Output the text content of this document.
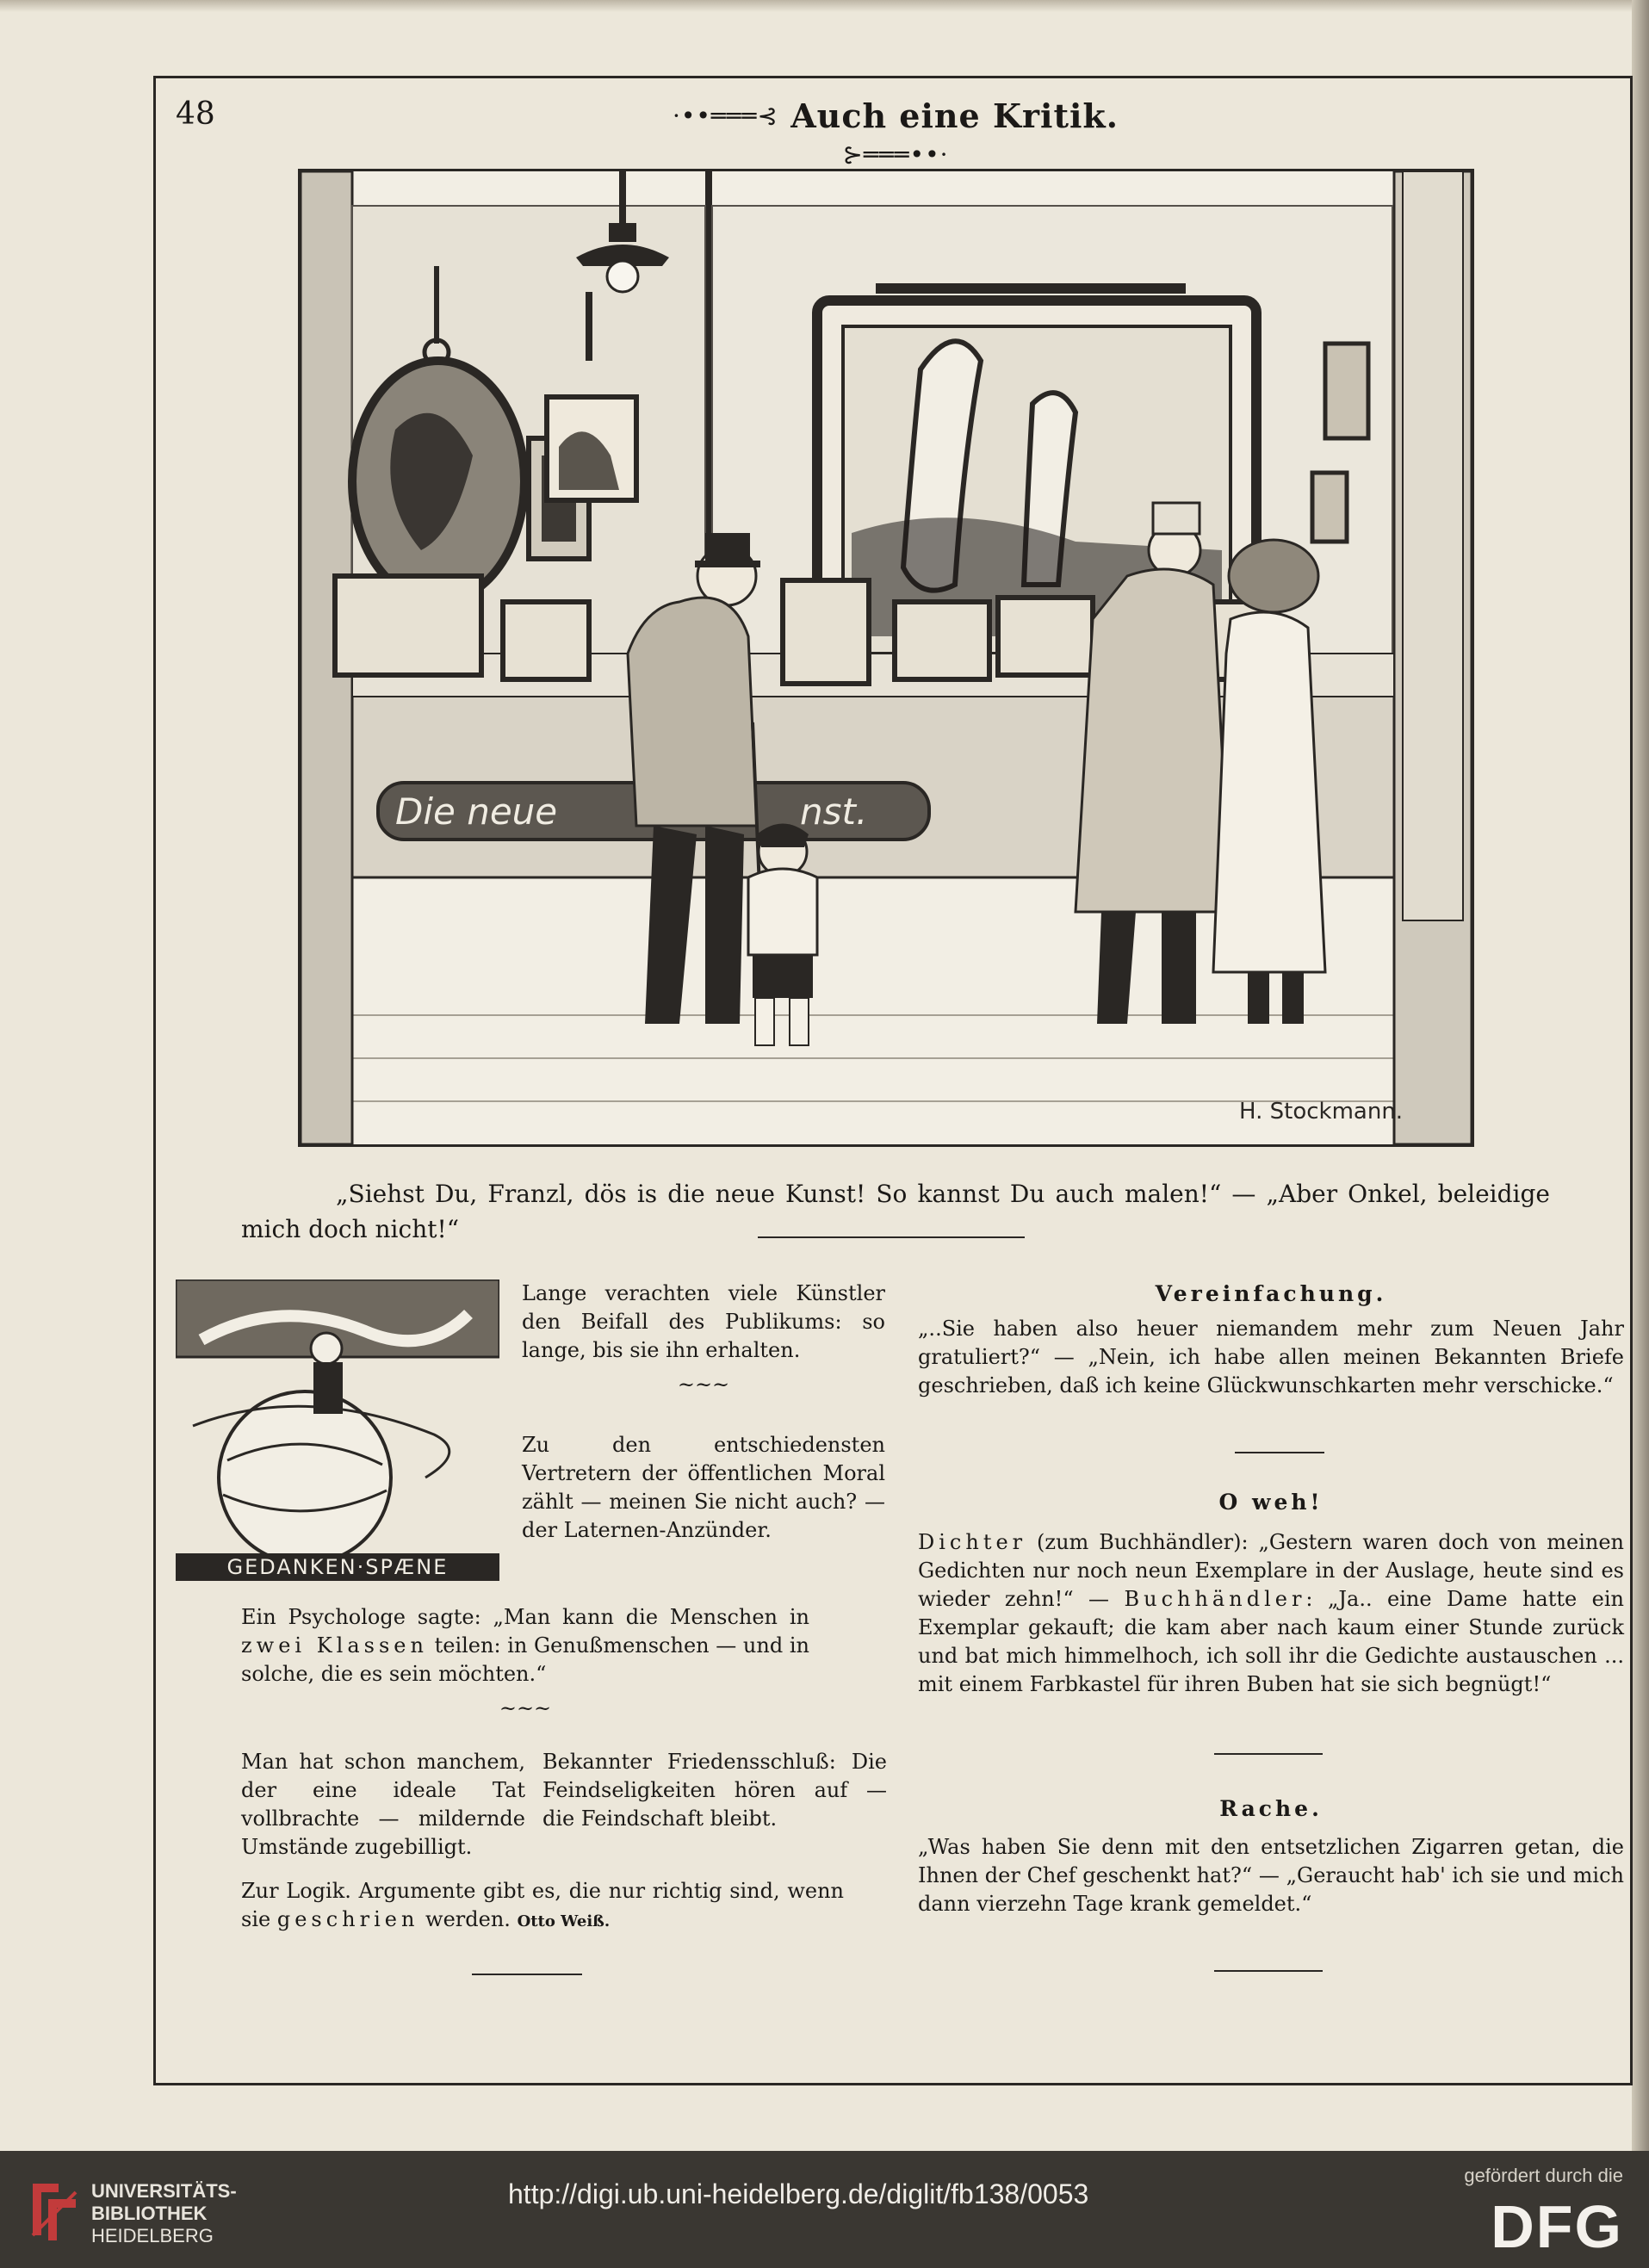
48	·••═══⊰ Auch eine Kritik. ⊱═══••·
Die neue	nst.
H. Stockmann.
„Siehst Du, Franzl, dös is die neue Kunst! So kannst Du auch malen!“ — „Aber Onkel, beleidige mich doch nicht!“
GEDANKEN·SPÆNE

Lange verachten viele Künstler den Beifall des Publikums: so lange, bis sie ihn erhalten.

~~~

Zu den entschiedensten Vertretern der öffentlichen Moral zählt — meinen Sie nicht auch? — der Laternen-Anzünder.

Ein Psychologe sagte: „Man kann die Menschen in zwei Klassen teilen: in Genußmenschen — und in solche, die es sein möchten.“

~~~

Man hat schon manchem, der eine ideale Tat vollbrachte — mildernde Umstände zugebilligt.

Bekannter Friedensschluß: Die Feindseligkeiten hören auf — die Feindschaft bleibt.

Zur Logik. Argumente gibt es, die nur richtig sind, wenn sie geschrien werden. Otto Weiß.

Vereinfachung.

„..Sie haben also heuer niemandem mehr zum Neuen Jahr gratuliert?“ — „Nein, ich habe allen meinen Bekannten Briefe geschrieben, daß ich keine Glückwunschkarten mehr verschicke.“

O weh!

Dichter (zum Buchhändler): „Gestern waren doch von meinen Gedichten nur noch neun Exemplare in der Auslage, heute sind es wieder zehn!“ — Buchhändler: „Ja.. eine Dame hatte ein Exemplar gekauft; die kam aber nach kaum einer Stunde zurück und bat mich himmelhoch, ich soll ihr die Gedichte austauschen ... mit einem Farbkastel für ihren Buben hat sie sich begnügt!“

Rache.

„Was haben Sie denn mit den entsetzlichen Zigarren getan, die Ihnen der Chef geschenkt hat?“ — „Geraucht hab' ich sie und mich dann vierzehn Tage krank gemeldet.“

UNIVERSITÄTS-
BIBLIOTHEK
HEIDELBERG
http://digi.ub.uni-heidelberg.de/diglit/fb138/0053
gefördert durch die
DFG
